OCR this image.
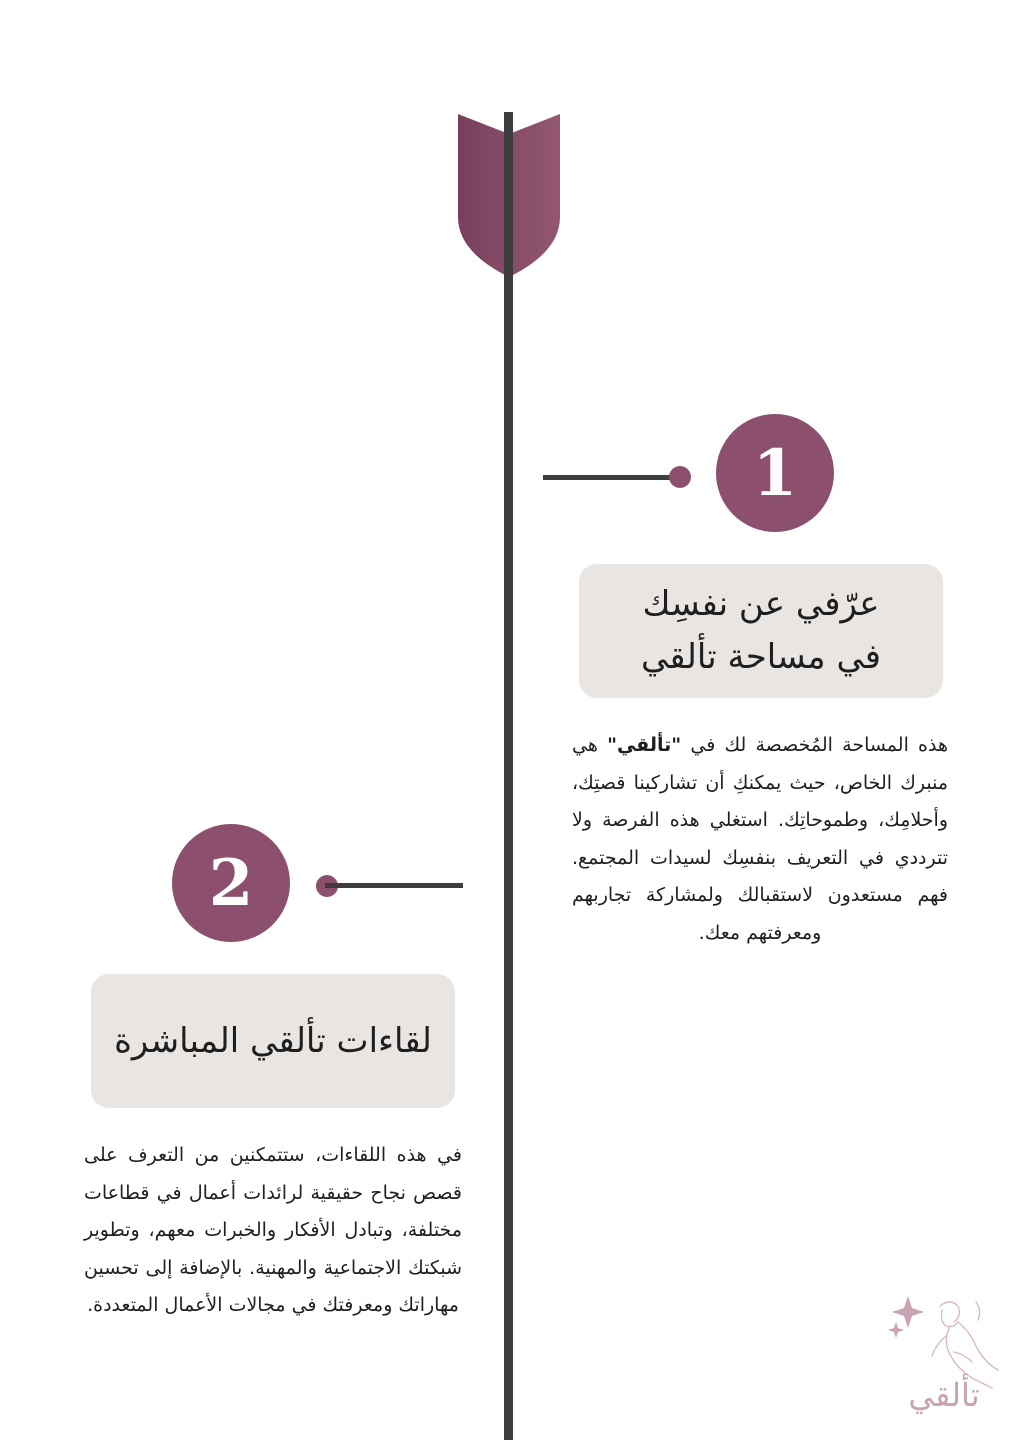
1
عرّفي عن نفسِك
في مساحة تألقي
هذه المساحة المُخصصة لك في "تألقي" هي منبرك الخاص، حيث يمكنكِ أن تشاركينا قصتِك، وأحلامِك، وطموحاتِك. استغلي هذه الفرصة ولا تترددي في التعريف بنفسِك لسيدات المجتمع. فهم مستعدون لاستقبالك ولمشاركة تجاربهم ومعرفتهم معك.
2
لقاءات تألقي المباشرة
في هذه اللقاءات، ستتمكنين من التعرف على قصص نجاح حقيقية لرائدات أعمال في قطاعات مختلفة، وتبادل الأفكار والخبرات معهم، وتطوير شبكتك الاجتماعية والمهنية. بالإضافة إلى تحسين مهاراتك ومعرفتك في مجالات الأعمال المتعددة.
تألقي
